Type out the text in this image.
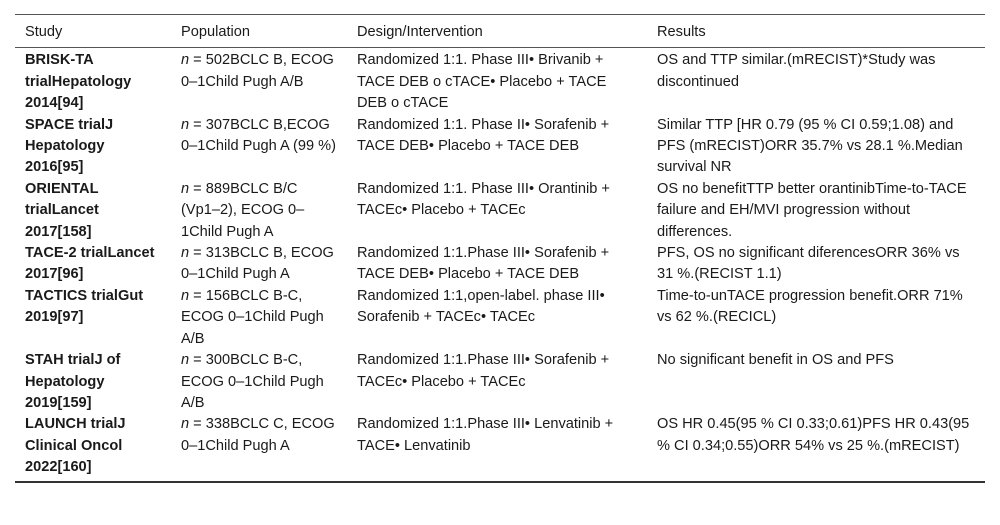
Study	Population	Design/Intervention	Results
BRISK-TA trialHepatology 2014[94]	n = 502BCLC B, ECOG 0–1Child Pugh A/B	Randomized 1:1. Phase III• Brivanib + TACE DEB o cTACE• Placebo + TACE DEB o cTACE	OS and TTP similar.(mRECIST)*Study was discontinued
SPACE trialJ Hepatology 2016[95]	n = 307BCLC B,ECOG 0–1Child Pugh A (99 %)	Randomized 1:1. Phase II• Sorafenib + TACE DEB• Placebo + TACE DEB	Similar TTP [HR 0.79 (95 % CI 0.59;1.08) and PFS (mRECIST)ORR 35.7% vs 28.1 %.Median survival NR
ORIENTAL trialLancet 2017[158]	n = 889BCLC B/C (Vp1–2), ECOG 0–1Child Pugh A	Randomized 1:1. Phase III• Orantinib + TACEc• Placebo + TACEc	OS no benefitTTP better orantinibTime-to-TACE failure and EH/MVI progression without differences.
TACE-2 trialLancet 2017[96]	n = 313BCLC B, ECOG 0–1Child Pugh A	Randomized 1:1.Phase III• Sorafenib + TACE DEB• Placebo + TACE DEB	PFS, OS no significant diferencesORR 36% vs 31 %.(RECIST 1.1)
TACTICS trialGut 2019[97]	n = 156BCLC B-C, ECOG 0–1Child Pugh A/B	Randomized 1:1,open-label. phase III• Sorafenib + TACEc• TACEc	Time-to-unTACE progression benefit.ORR 71% vs 62 %.(RECICL)
STAH trialJ of Hepatology 2019[159]	n = 300BCLC B-C, ECOG 0–1Child Pugh A/B	Randomized 1:1.Phase III• Sorafenib + TACEc• Placebo + TACEc	No significant benefit in OS and PFS
LAUNCH trialJ Clinical Oncol 2022[160]	n = 338BCLC C, ECOG 0–1Child Pugh A	Randomized 1:1.Phase III• Lenvatinib + TACE• Lenvatinib	OS HR 0.45(95 % CI 0.33;0.61)PFS HR 0.43(95 % CI 0.34;0.55)ORR 54% vs 25 %.(mRECIST)
